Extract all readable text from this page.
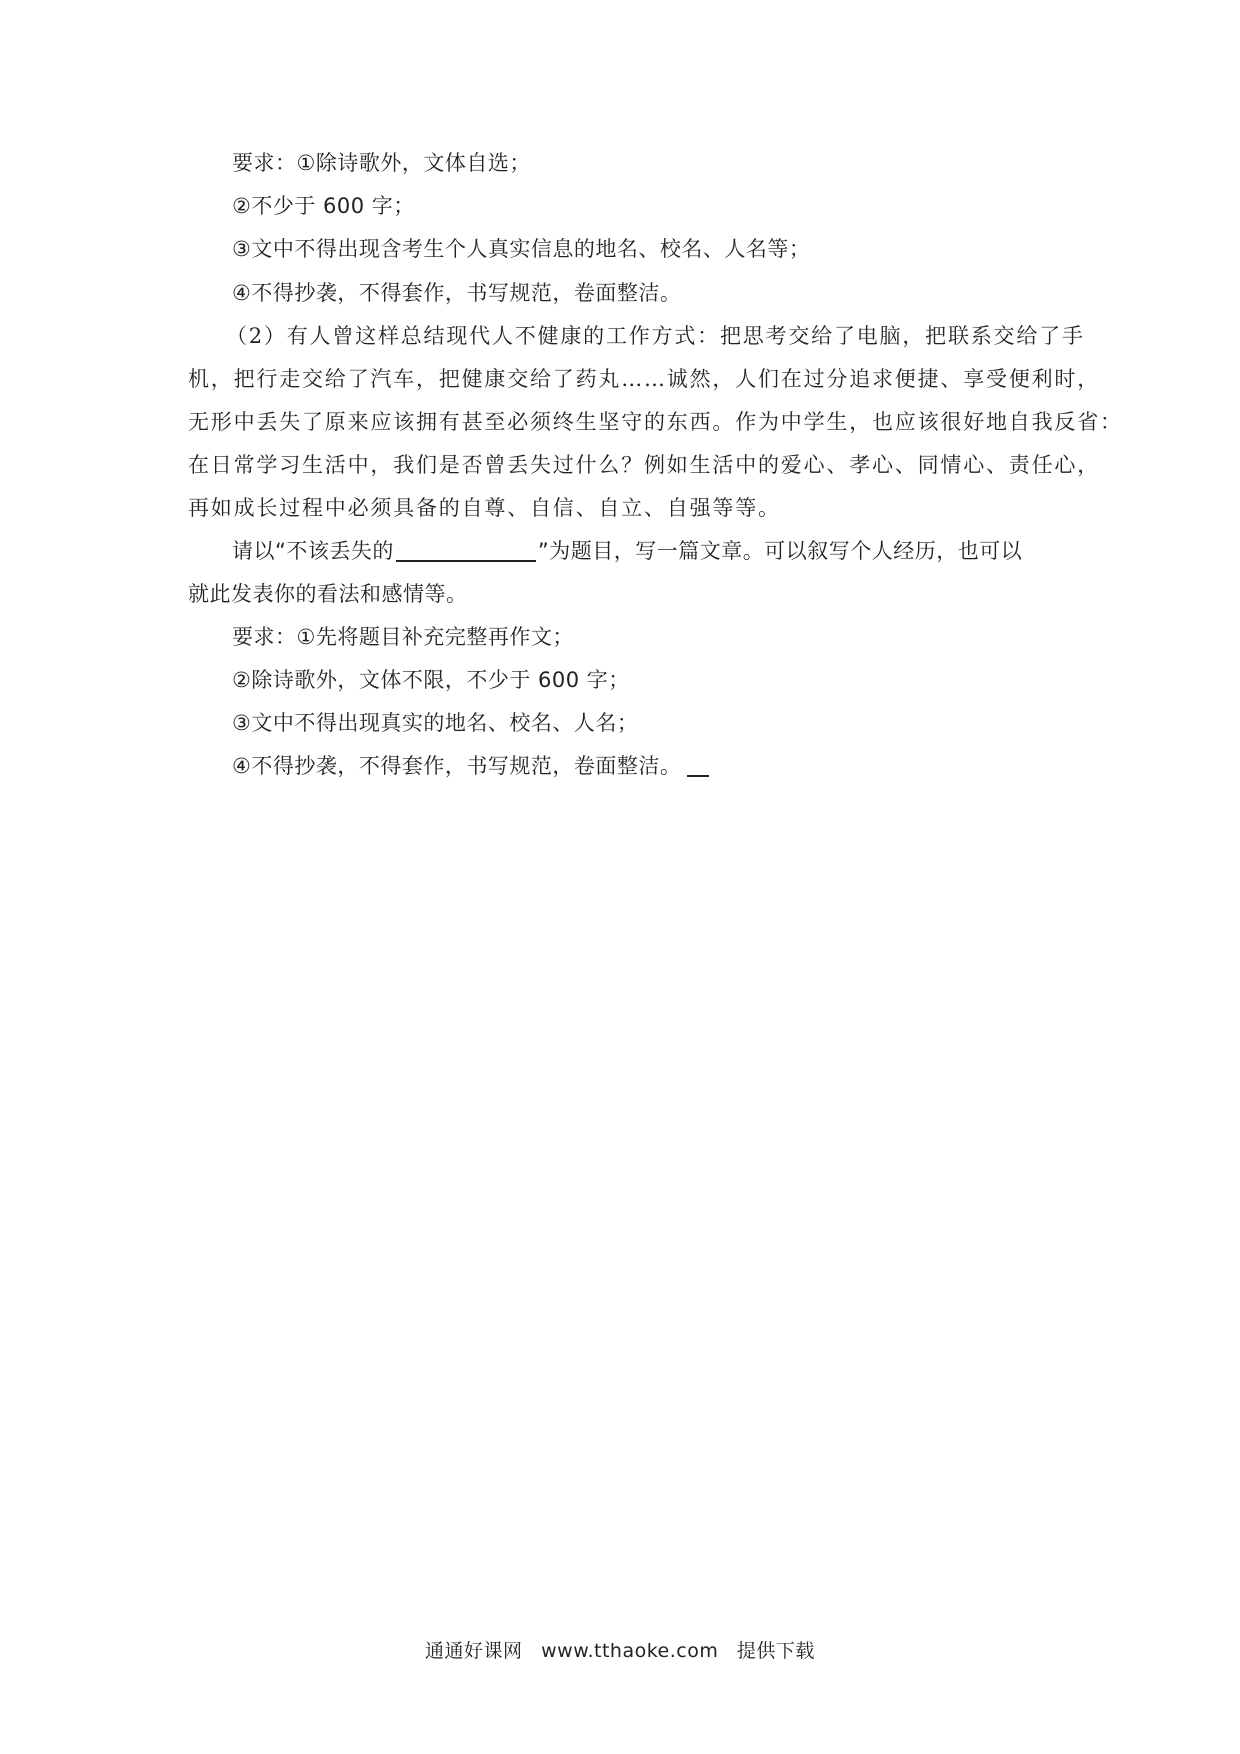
要求：①除诗歌外，文体自选；
②不少于 600 字；
③文中不得出现含考生个人真实信息的地名、校名、人名等；
④不得抄袭，不得套作，书写规范，卷面整洁。
（2）有人曾这样总结现代人不健康的工作方式：把思考交给了电脑，把联系交给了手
机，把行走交给了汽车，把健康交给了药丸……诚然，人们在过分追求便捷、享受便利时，
无形中丢失了原来应该拥有甚至必须终生坚守的东西。作为中学生，也应该很好地自我反省：
在日常学习生活中，我们是否曾丢失过什么？例如生活中的爱心、孝心、同情心、责任心，
再如成长过程中必须具备的自尊、自信、自立、自强等等。
请以“不该丢失的	”为题目，写一篇文章。可以叙写个人经历，也可以
就此发表你的看法和感情等。
要求：①先将题目补充完整再作文；
②除诗歌外，文体不限，不少于 600 字；
③文中不得出现真实的地名、校名、人名；
④不得抄袭，不得套作，书写规范，卷面整洁。
通通好课网 www.tthaoke.com 提供下载
